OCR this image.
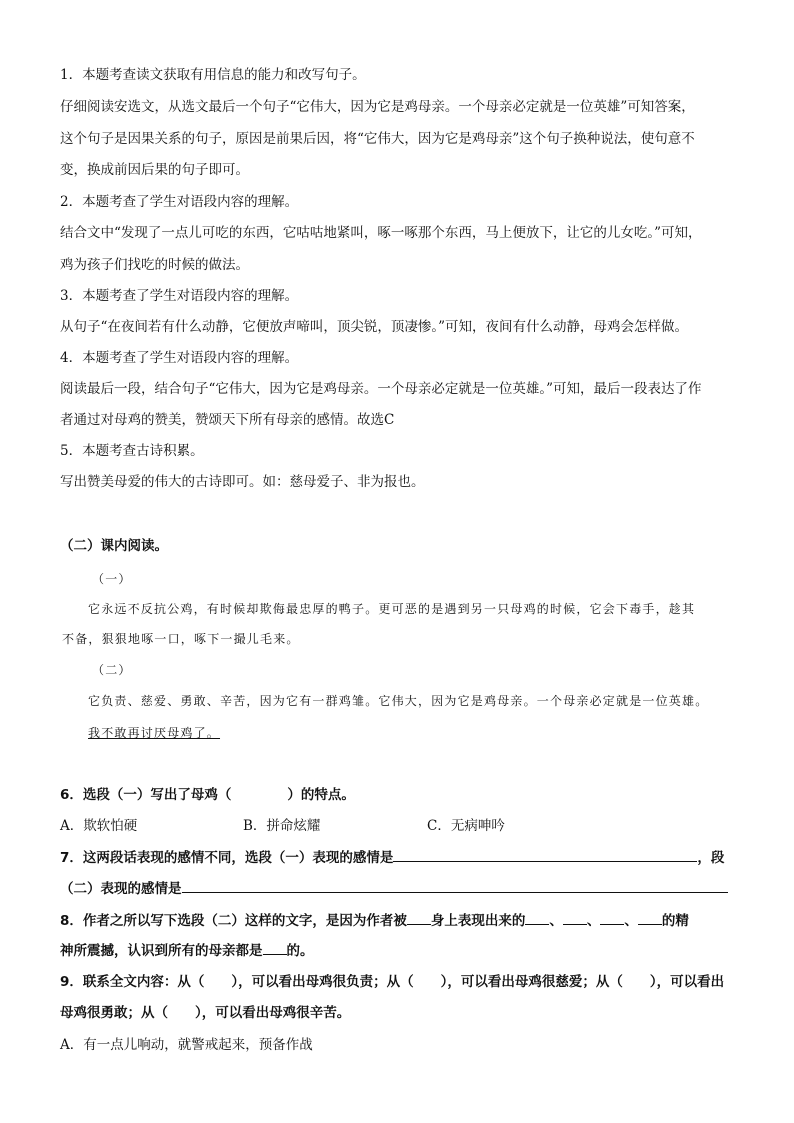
1．本题考查读文获取有用信息的能力和改写句子。
仔细阅读安选文，从选文最后一个句子“它伟大，因为它是鸡母亲。一个母亲必定就是一位英雄”可知答案，
这个句子是因果关系的句子，原因是前果后因，将“它伟大，因为它是鸡母亲”这个句子换种说法，使句意不
变，换成前因后果的句子即可。
2．本题考查了学生对语段内容的理解。
结合文中“发现了一点儿可吃的东西，它咕咕地紧叫，啄一啄那个东西，马上便放下，让它的儿女吃。”可知，
鸡为孩子们找吃的时候的做法。
3．本题考查了学生对语段内容的理解。
从句子“在夜间若有什么动静，它便放声啼叫，顶尖锐，顶凄惨。”可知，夜间有什么动静，母鸡会怎样做。
4．本题考查了学生对语段内容的理解。
阅读最后一段，结合句子“它伟大，因为它是鸡母亲。一个母亲必定就是一位英雄。”可知，最后一段表达了作
者通过对母鸡的赞美，赞颂天下所有母亲的感情。故选C
5．本题考查古诗积累。
写出赞美母爱的伟大的古诗即可。如：慈母爱子、非为报也。
（二）课内阅读。
（一）
它永远不反抗公鸡，有时候却欺侮最忠厚的鸭子。更可恶的是遇到另一只母鸡的时候，它会下毒手，趁其
不备，狠狠地啄一口，啄下一撮儿毛来。
（二）
它负责、慈爱、勇敢、辛苦，因为它有一群鸡雏。它伟大，因为它是鸡母亲。一个母亲必定就是一位英雄。
我不敢再讨厌母鸡了。
6．选段（一）写出了母鸡（	）的特点。
A．欺软怕硬	B．拼命炫耀	C．无病呻吟
7．这两段话表现的感情不同，选段（一）表现的感情是	，段
（二）表现的感情是
8．作者之所以写下选段（二）这样的文字，是因为作者被 身上表现出来的 、 、 、 的精
神所震撼，认识到所有的母亲都是 的。
9．联系全文内容：从（　　），可以看出母鸡很负责；从（　　），可以看出母鸡很慈爱；从（　　），可以看出
母鸡很勇敢；从（　　），可以看出母鸡很辛苦。
A．有一点儿响动，就警戒起来，预备作战
